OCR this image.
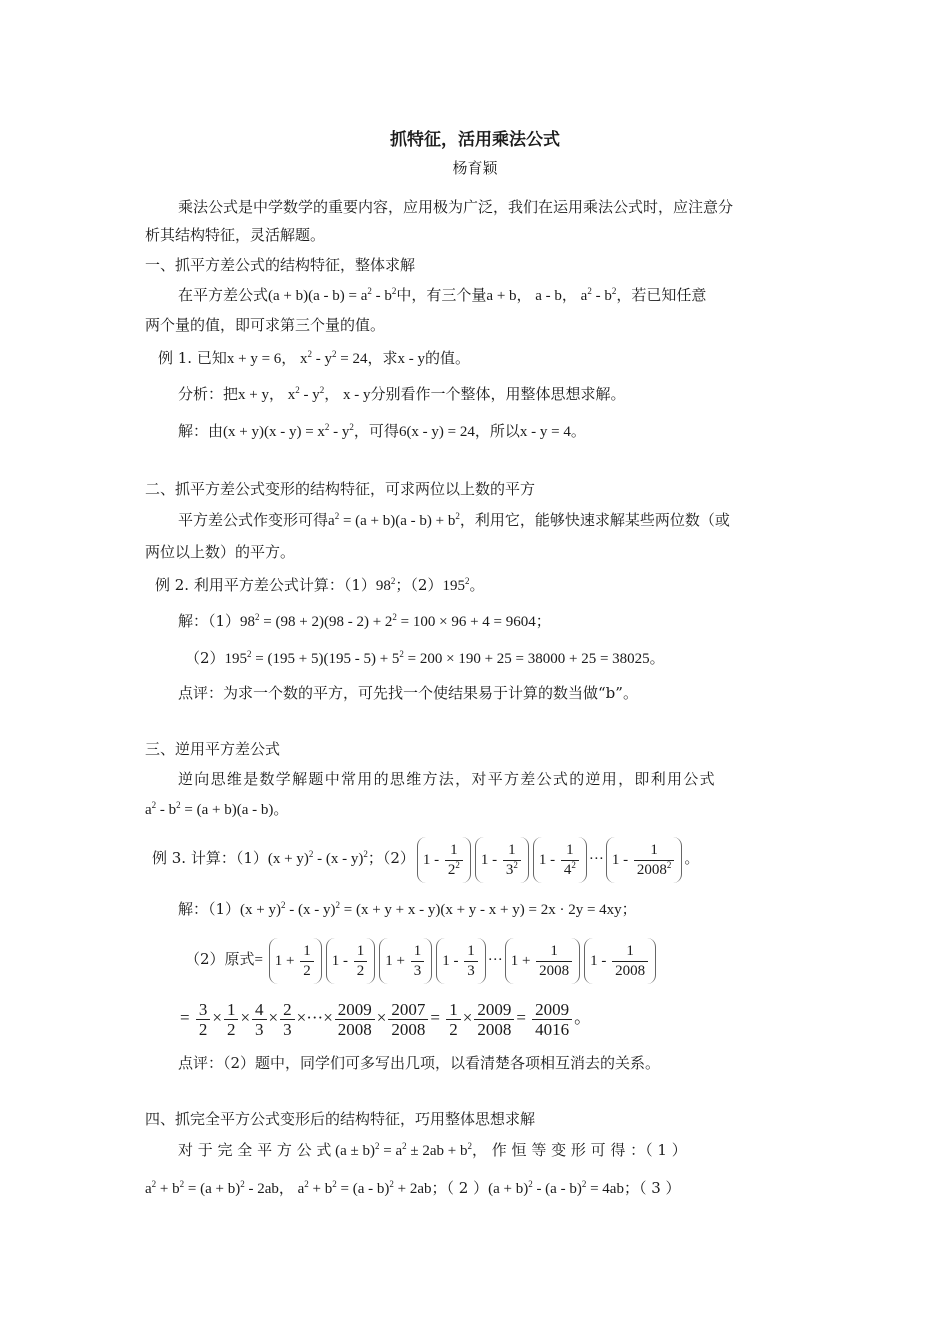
抓特征，活用乘法公式
杨育颖
乘法公式是中学数学的重要内容，应用极为广泛，我们在运用乘法公式时，应注意分
析其结构特征，灵活解题。
一、抓平方差公式的结构特征，整体求解
在平方差公式$(a + b)(a - b) = a^2 - b^2$中，有三个量a + b， a - b， $a^2 - b^2$，若已知任意
两个量的值，即可求第三个量的值。
例 1. 已知x + y = 6， $x^2 - y^2 = 24$，求x - y的值。
分析：把x + y， $x^2 - y^2$， x - y分别看作一个整体，用整体思想求解。
解：由$(x + y)(x - y) = x^2 - y^2$，可得6(x - y) = 24，所以x - y = 4。
二、抓平方差公式变形的结构特征，可求两位以上数的平方
平方差公式作变形可得$a^2 = (a + b)(a - b) + b^2$，利用它，能够快速求解某些两位数（或
两位以上数）的平方。
例 2. 利用平方差公式计算：$(1)98^2$；$(2)195^2$。
解：$(1)98^2 = (98 + 2)(98 - 2) + 2^2 = 100 \times 96 + 4 = 9604$；
$(2)195^2 = (195 + 5)(195 - 5) + 5^2 = 200 \times 190 + 25 = 38000 + 25 = 38025$。
点评：为求一个数的平方，可先找一个使结果易于计算的数当做“b”。
三、逆用平方差公式
逆向思维是数学解题中常用的思维方法，对平方差公式的逆用，即利用公式
$a^2 - b^2 = (a + b)(a - b)$。
例 3. 计算：$(1)(x + y)^2 - (x - y)^2$；（2） $1 - \frac{1}{2^2} 1 - \frac{1}{3^2} 1 - \frac{1}{4^2}$ ··· $1 - \frac{1}{2008^2}$ 。
解：$(1)(x + y)^2 - (x - y)^2 = (x + y + x - y)(x + y - x + y) = 2x \cdot 2y = 4xy$；
（2）原式= $1 + \frac{1}{2} 1 - \frac{1}{2} 1 + \frac{1}{3} 1 - \frac{1}{3}$ ··· $1 + \frac{1}{2008} 1 - \frac{1}{2008}$
= $\frac{3}{2} \times \frac{1}{2} \times \frac{4}{3} \times \frac{2}{3}$ ×···× $\frac{2009}{2008} \times \frac{2007}{2008} = \frac{1}{2} \times \frac{2009}{2008} = \frac{2009}{4016}$ 。
点评：（2）题中，同学们可多写出几项，以看清楚各项相互消去的关系。
四、抓完全平方公式变形后的结构特征，巧用整体思想求解
对 于 完 全 平 方 公 式 $(a \pm b)^2 = a^2 \pm 2ab + b^2$， 作 恒 等 变 形 可 得 ：（ 1 ）
$a^2 + b^2 = (a + b)^2 - 2ab$， $a^2 + b^2 = (a - b)^2 + 2ab$；（ 2 ）$(a + b)^2 - (a - b)^2 = 4ab$；（ 3 ）
